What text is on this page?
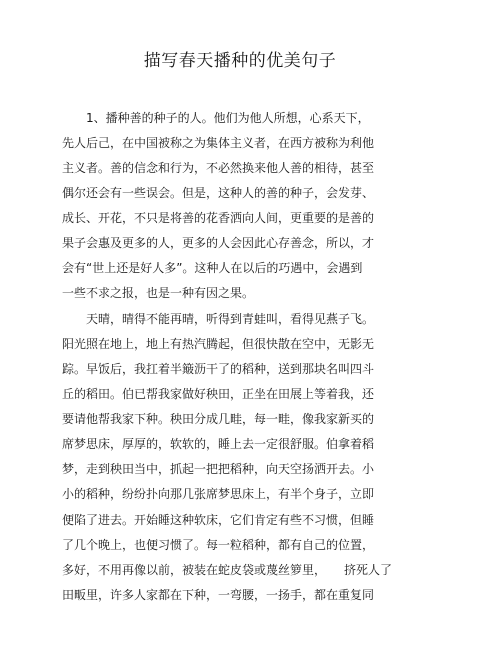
描写春天播种的优美句子
　　1、播种善的种子的人。他们为他人所想，心系天下，
先人后己，在中国被称之为集体主义者，在西方被称为利他
主义者。善的信念和行为，不必然换来他人善的相待，甚至
偶尔还会有一些误会。但是，这种人的善的种子，会发芽、
成长、开花，不只是将善的花香洒向人间，更重要的是善的
果子会惠及更多的人，更多的人会因此心存善念，所以，才
会有“世上还是好人多”。这种人在以后的巧遇中，会遇到
一些不求之报，也是一种有因之果。
　　天晴，晴得不能再晴，听得到青蛙叫，看得见燕子飞。
阳光照在地上，地上有热汽腾起，但很快散在空中，无影无
踪。早饭后，我扛着半簸沥干了的稻种，送到那块名叫四斗
丘的稻田。伯已帮我家做好秧田，正坐在田展上等着我，还
要请他帮我家下种。秧田分成几畦，每一畦，像我家新买的
席梦思床，厚厚的，软软的，睡上去一定很舒服。伯拿着稻
梦，走到秧田当中，抓起一把把稻种，向天空扬洒开去。小
小的稻种，纷纷扑向那几张席梦思床上，有半个身子，立即
便陷了进去。开始睡这种软床，它们肯定有些不习惯，但睡
了几个晚上，也便习惯了。每一粒稻种，都有自己的位置，
多好，不用再像以前，被装在蛇皮袋或蔑丝箩里，　　挤死人了
田畈里，许多人家都在下种，一弯腰，一扬手，都在重复同
